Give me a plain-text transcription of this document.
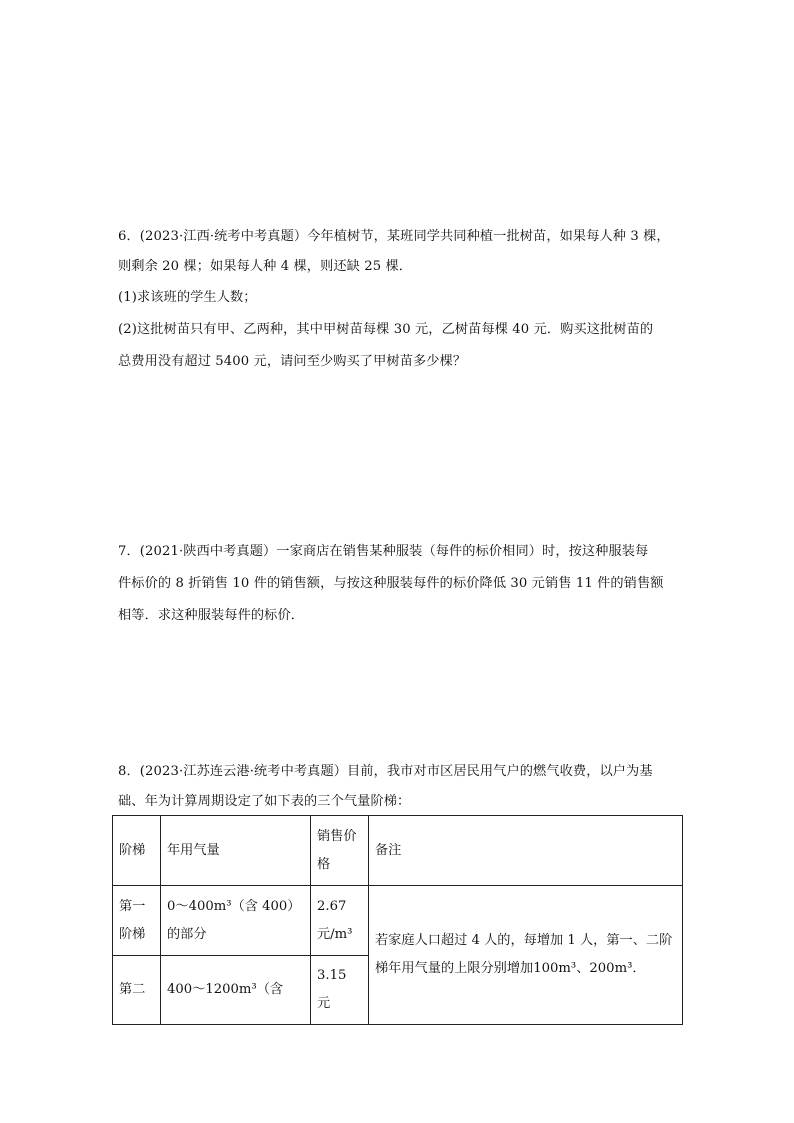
6．(2023·江西·统考中考真题）今年植树节，某班同学共同种植一批树苗，如果每人种 3 棵，
则剩余 20 棵；如果每人种 4 棵，则还缺 25 棵．
(1)求该班的学生人数；
(2)这批树苗只有甲、乙两种，其中甲树苗每棵 30 元，乙树苗每棵 40 元．购买这批树苗的
总费用没有超过 5400 元，请问至少购买了甲树苗多少棵？
7．(2021·陕西中考真题）一家商店在销售某种服装（每件的标价相同）时，按这种服装每
件标价的 8 折销售 10 件的销售额，与按这种服装每件的标价降低 30 元销售 11 件的销售额
相等．求这种服装每件的标价．
8．(2023·江苏连云港·统考中考真题）目前，我市对市区居民用气户的燃气收费，以户为基
础、年为计算周期设定了如下表的三个气量阶梯：
阶梯	年用气量	销售价格	备注
第一阶梯	0～400m³（含 400）的部分	2.67 元/m³	若家庭人口超过 4 人的，每增加 1 人，第一、二阶梯年用气量的上限分别增加100m³、200m³．
第二	400～1200m³（含	3.15 元	
